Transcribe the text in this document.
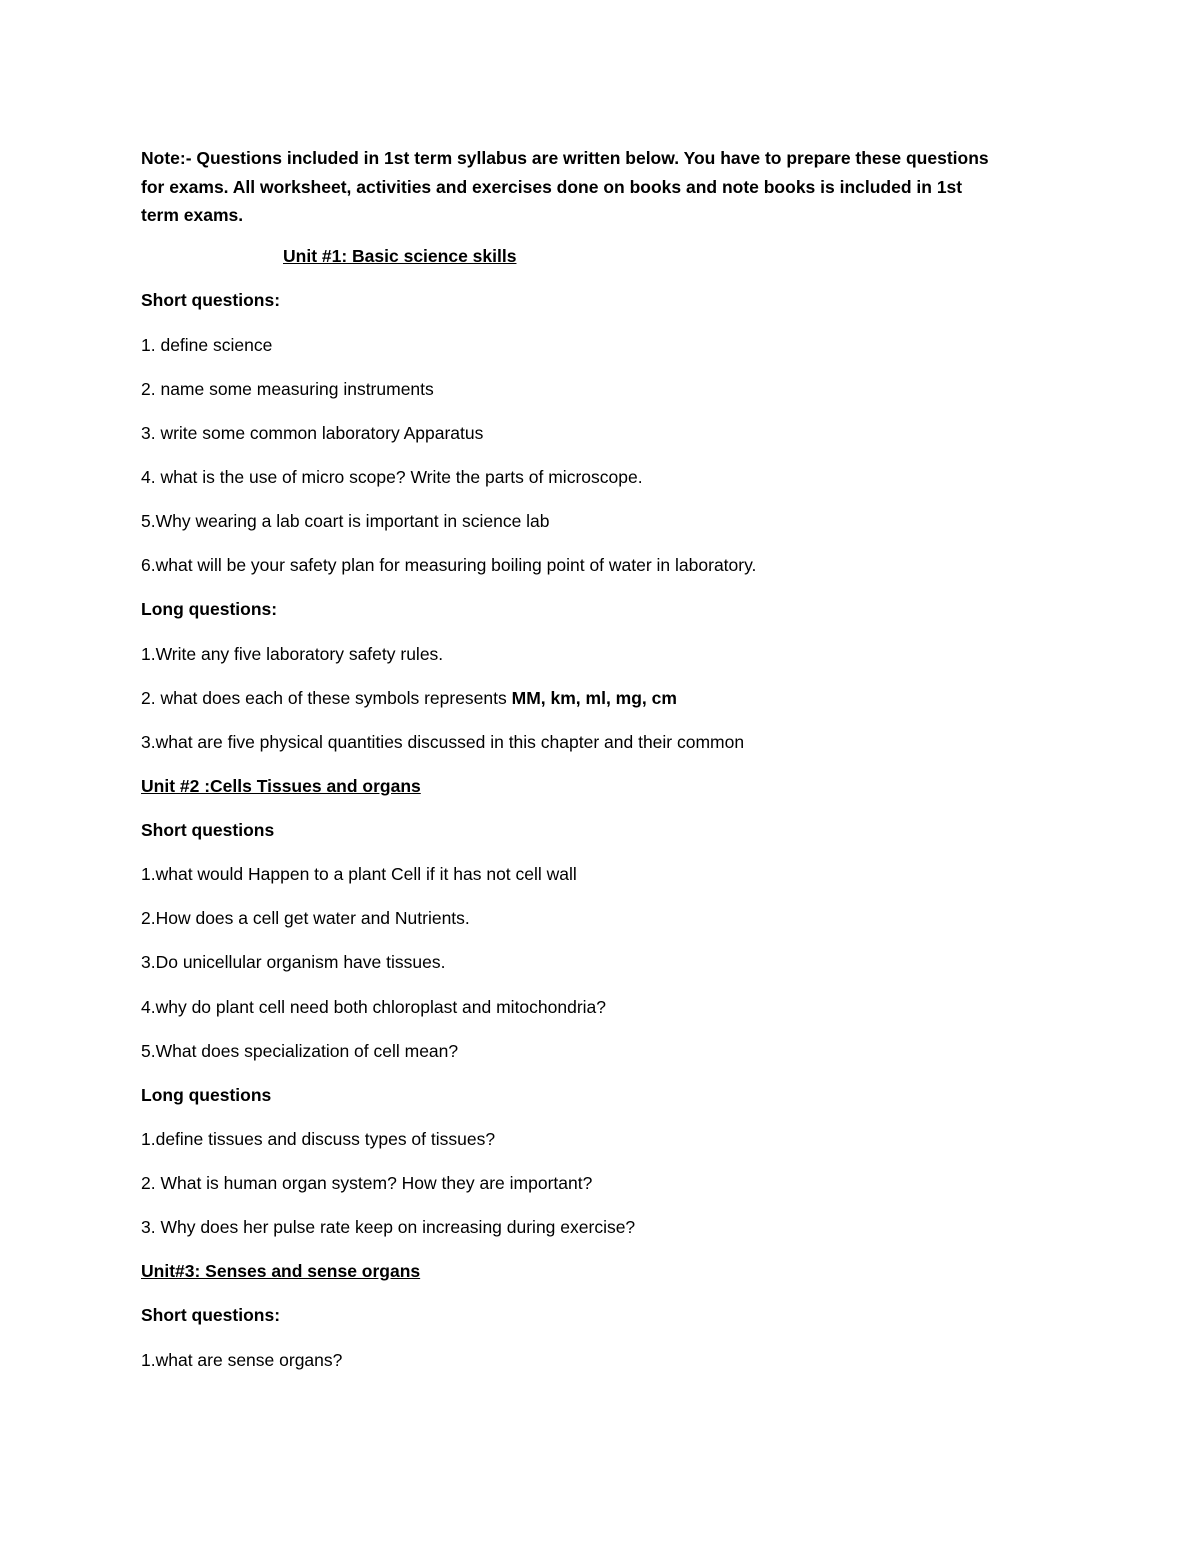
Note:- Questions included in 1st term syllabus are written below. You have to prepare these questions

for exams. All worksheet, activities and exercises done on books and note books is included in 1st

term exams.

Unit #1: Basic science skills
Short questions:
1. define science
2. name some measuring instruments
3. write some common laboratory Apparatus
4. what is the use of micro scope? Write the parts of microscope.
5.Why wearing a lab coart is important in science lab
6.what will be your safety plan for measuring boiling point of water in laboratory.
Long questions:
1.Write any five laboratory safety rules.
2. what does each of these symbols represents MM, km, ml, mg, cm
3.what are five physical quantities discussed in this chapter and their common
Unit #2 :Cells Tissues and organs
Short questions
1.what would Happen to a plant Cell if it has not cell wall
2.How does a cell get water and Nutrients.
3.Do unicellular organism have tissues.
4.why do plant cell need both chloroplast and mitochondria?
5.What does specialization of cell mean?
Long questions
1.define tissues and discuss types of tissues?
2. What is human organ system? How they are important?
3. Why does her pulse rate keep on increasing during exercise?
Unit#3: Senses and sense organs
Short questions:
1.what are sense organs?
